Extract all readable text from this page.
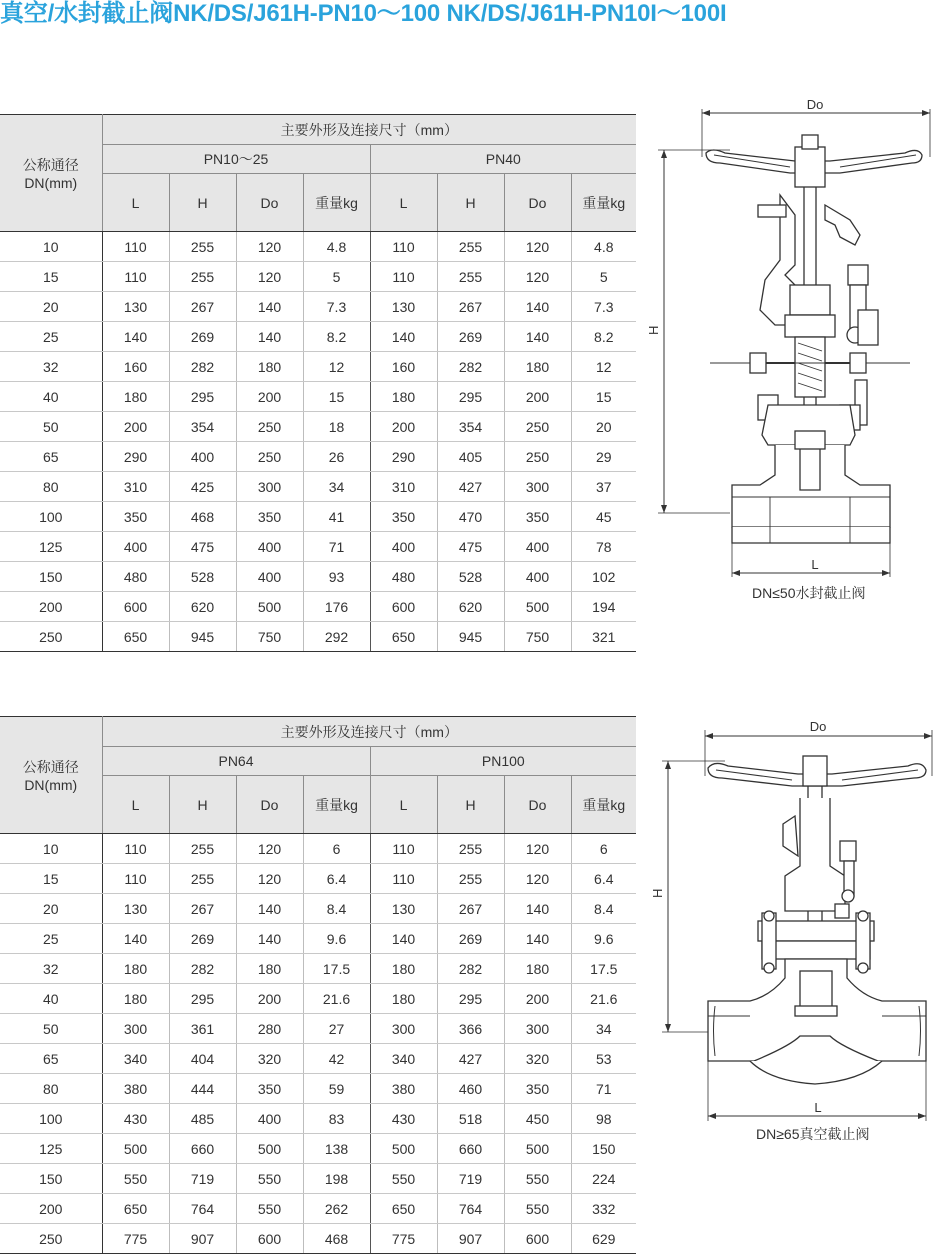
真空/水封截止阀NK/DS/J61H-PN10～100 NK/DS/J61H-PN10I～100I
公称通径
DN(mm)	主要外形及连接尺寸（mm）							
	PN10～25				PN40			
	L	H	Do	重量kg	L	H	Do	重量kg
10	110	255	120	4.8	110	255	120	4.8
15	110	255	120	5	110	255	120	5
20	130	267	140	7.3	130	267	140	7.3
25	140	269	140	8.2	140	269	140	8.2
32	160	282	180	12	160	282	180	12
40	180	295	200	15	180	295	200	15
50	200	354	250	18	200	354	250	20
65	290	400	250	26	290	405	250	29
80	310	425	300	34	310	427	300	37
100	350	468	350	41	350	470	350	45
125	400	475	400	71	400	475	400	78
150	480	528	400	93	480	528	400	102
200	600	620	500	176	600	620	500	194
250	650	945	750	292	650	945	750	321
公称通径
DN(mm)	主要外形及连接尺寸（mm）							
	PN64				PN100			
	L	H	Do	重量kg	L	H	Do	重量kg
10	110	255	120	6	110	255	120	6
15	110	255	120	6.4	110	255	120	6.4
20	130	267	140	8.4	130	267	140	8.4
25	140	269	140	9.6	140	269	140	9.6
32	180	282	180	17.5	180	282	180	17.5
40	180	295	200	21.6	180	295	200	21.6
50	300	361	280	27	300	366	300	34
65	340	404	320	42	340	427	320	53
80	380	444	350	59	380	460	350	71
100	430	485	400	83	430	518	450	98
125	500	660	500	138	500	660	500	150
150	550	719	550	198	550	719	550	224
200	650	764	550	262	650	764	550	332
250	775	907	600	468	775	907	600	629
Do
H
L
DN≤50水封截止阀
Do
H
L
DN≥65真空截止阀
